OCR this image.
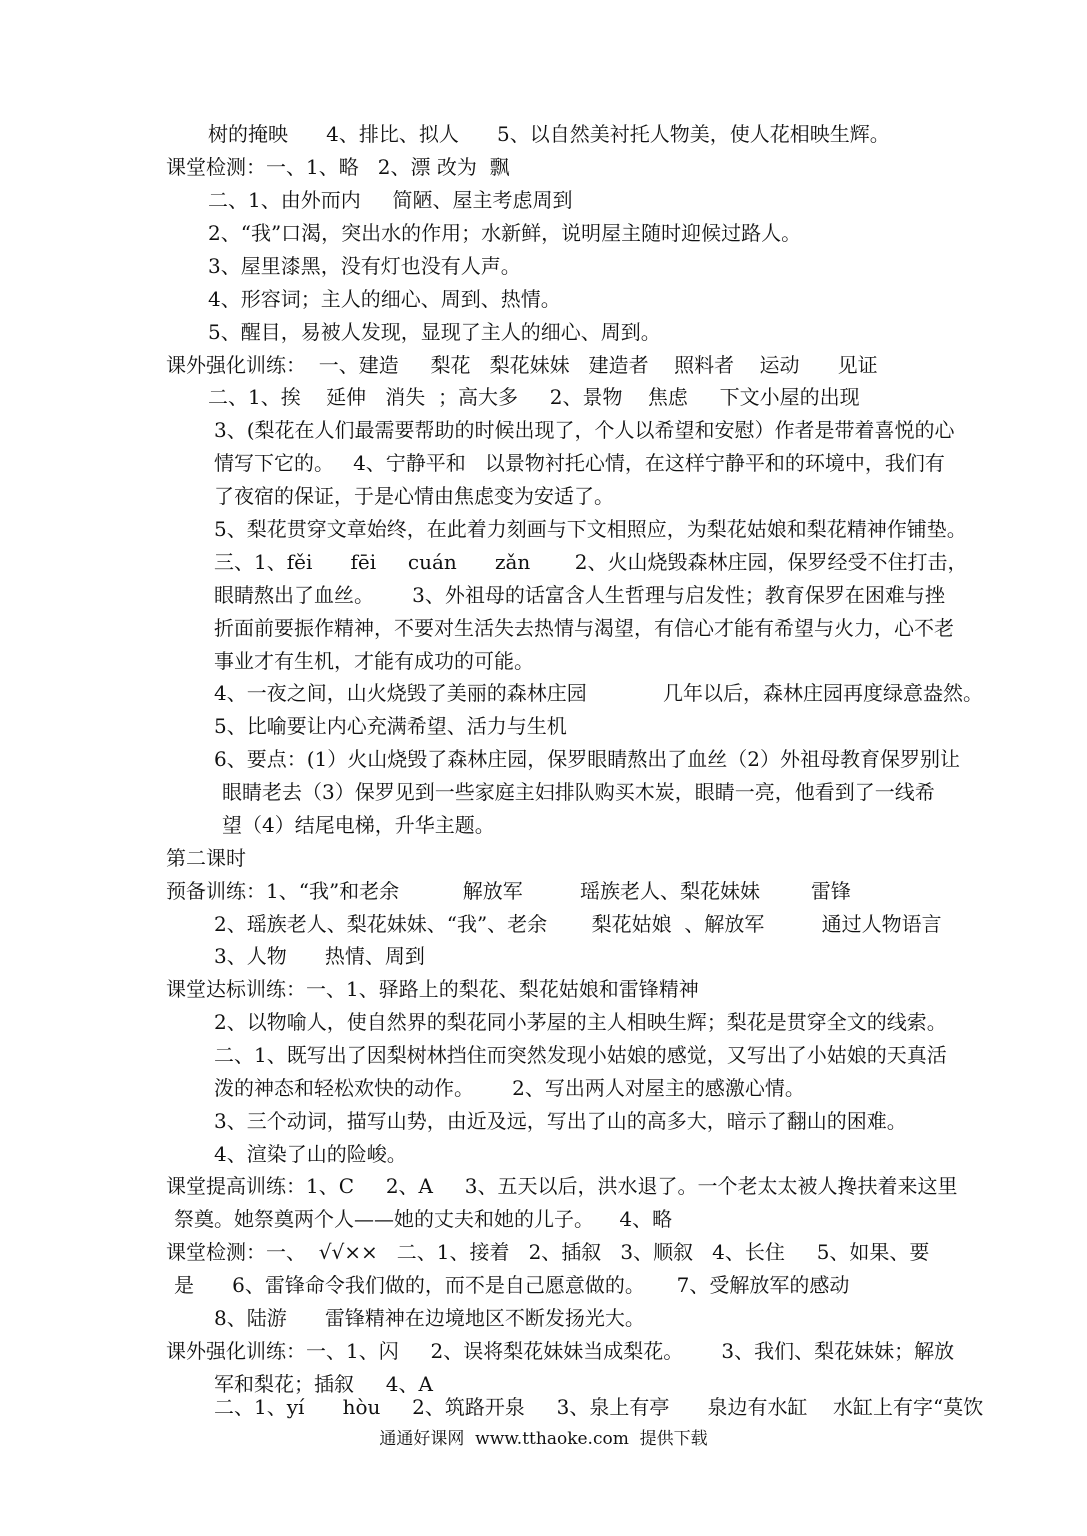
树的掩映      4、排比、拟人      5、以自然美衬托人物美，使人花相映生辉。

课堂检测：一、1、略   2、漂 改为  飘

二、1、由外而内     简陋、屋主考虑周到

2、“我”口渴，突出水的作用；水新鲜，说明屋主随时迎候过路人。

3、屋里漆黑，没有灯也没有人声。

4、形容词；主人的细心、周到、热情。

5、醒目，易被人发现，显现了主人的细心、周到。

课外强化训练：  一、建造     梨花   梨花妹妹   建造者    照料者    运动      见证

二、1、挨    延伸   消失  ；高大多     2、景物    焦虑     下文小屋的出现

3、(梨花在人们最需要帮助的时候出现了，个人以希望和安慰）作者是带着喜悦的心

情写下它的。   4、宁静平和   以景物衬托心情，在这样宁静平和的环境中，我们有

了夜宿的保证，于是心情由焦虑变为安适了。

5、梨花贯穿文章始终，在此着力刻画与下文相照应，为梨花姑娘和梨花精神作铺垫。

三、1、fěi      fēi     cuán      zǎn       2、火山烧毁森林庄园，保罗经受不住打击，

眼睛熬出了血丝。      3、外祖母的话富含人生哲理与启发性；教育保罗在困难与挫

折面前要振作精神，不要对生活失去热情与渴望，有信心才能有希望与火力，心不老

事业才有生机，才能有成功的可能。

4、一夜之间，山火烧毁了美丽的森林庄园            几年以后，森林庄园再度绿意盎然。

5、比喻要让内心充满希望、活力与生机

6、要点：(1）火山烧毁了森林庄园，保罗眼睛熬出了血丝（2）外祖母教育保罗别让

眼睛老去（3）保罗见到一些家庭主妇排队购买木炭，眼睛一亮，他看到了一线希

望（4）结尾电梯，升华主题。

第二课时

预备训练：1、“我”和老余          解放军         瑶族老人、梨花妹妹        雷锋

2、瑶族老人、梨花妹妹、“我”、老余       梨花姑娘  、解放军         通过人物语言

3、人物      热情、周到

课堂达标训练：一、1、驿路上的梨花、梨花姑娘和雷锋精神

2、以物喻人，使自然界的梨花同小茅屋的主人相映生辉；梨花是贯穿全文的线索。

二、1、既写出了因梨树林挡住而突然发现小姑娘的感觉，又写出了小姑娘的天真活

泼的神态和轻松欢快的动作。      2、写出两人对屋主的感激心情。

3、三个动词，描写山势，由近及远，写出了山的高多大，暗示了翻山的困难。

4、渲染了山的险峻。

课堂提高训练：1、C     2、A     3、五天以后，洪水退了。一个老太太被人搀扶着来这里

祭奠。她祭奠两个人——她的丈夫和她的儿子。    4、略

课堂检测：一、  √√××   二、1、接着   2、插叙   3、顺叙   4、长住     5、如果、要

是      6、雷锋命令我们做的，而不是自己愿意做的。     7、受解放军的感动

8、陆游      雷锋精神在边境地区不断发扬光大。

课外强化训练：一、1、闪     2、误将梨花妹妹当成梨花。      3、我们、梨花妹妹；解放

军和梨花；插叙     4、A

二、1、yí      hòu     2、筑路开泉     3、泉上有亭      泉边有水缸    水缸上有字“莫饮

通通好课网  www.tthaoke.com  提供下载
